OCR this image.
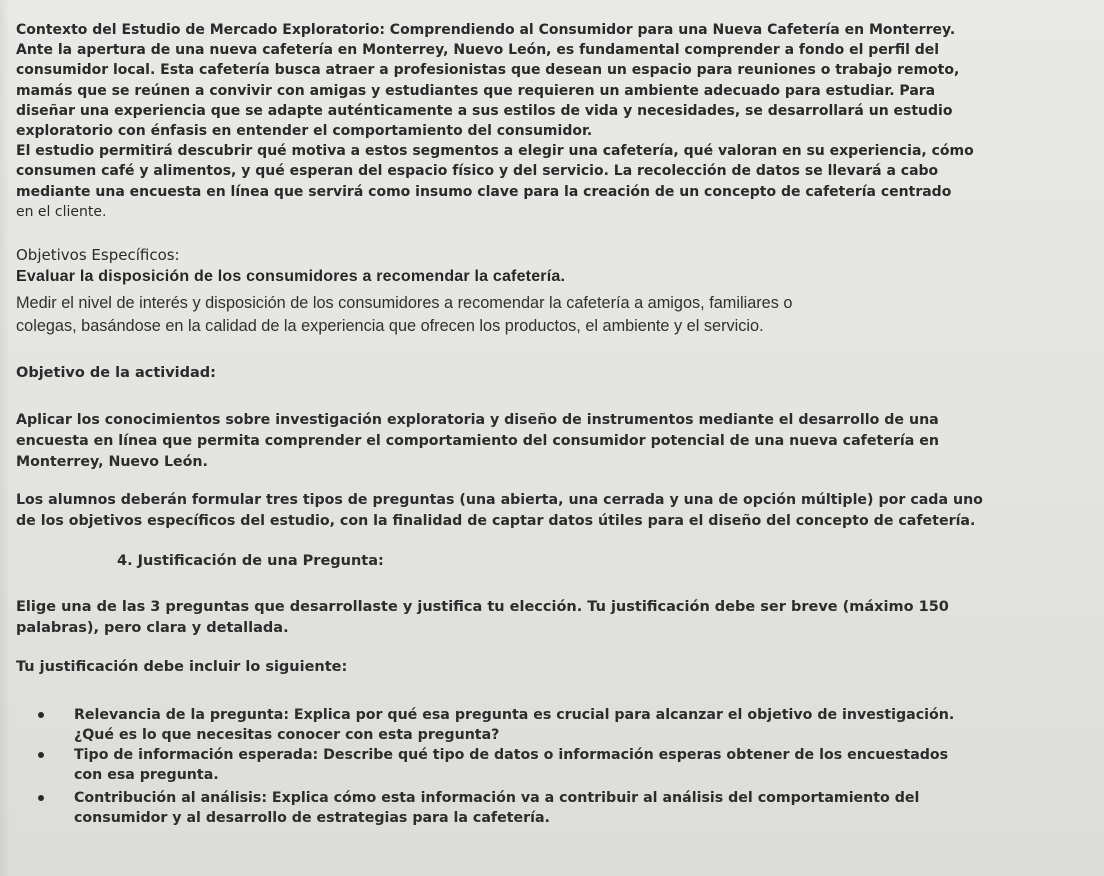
Contexto del Estudio de Mercado Exploratorio: Comprendiendo al Consumidor para una Nueva Cafetería en Monterrey.
Ante la apertura de una nueva cafetería en Monterrey, Nuevo León, es fundamental comprender a fondo el perfil del
consumidor local. Esta cafetería busca atraer a profesionistas que desean un espacio para reuniones o trabajo remoto,
mamás que se reúnen a convivir con amigas y estudiantes que requieren un ambiente adecuado para estudiar. Para
diseñar una experiencia que se adapte auténticamente a sus estilos de vida y necesidades, se desarrollará un estudio
exploratorio con énfasis en entender el comportamiento del consumidor.
El estudio permitirá descubrir qué motiva a estos segmentos a elegir una cafetería, qué valoran en su experiencia, cómo
consumen café y alimentos, y qué esperan del espacio físico y del servicio. La recolección de datos se llevará a cabo
mediante una encuesta en línea que servirá como insumo clave para la creación de un concepto de cafetería centrado
en el cliente.
Objetivos Específicos:
Evaluar la disposición de los consumidores a recomendar la cafetería.
Medir el nivel de interés y disposición de los consumidores a recomendar la cafetería a amigos, familiares o
colegas, basándose en la calidad de la experiencia que ofrecen los productos, el ambiente y el servicio.
Objetivo de la actividad:
Aplicar los conocimientos sobre investigación exploratoria y diseño de instrumentos mediante el desarrollo de una
encuesta en línea que permita comprender el comportamiento del consumidor potencial de una nueva cafetería en
Monterrey, Nuevo León.
Los alumnos deberán formular tres tipos de preguntas (una abierta, una cerrada y una de opción múltiple) por cada uno
de los objetivos específicos del estudio, con la finalidad de captar datos útiles para el diseño del concepto de cafetería.
4. Justificación de una Pregunta:
Elige una de las 3 preguntas que desarrollaste y justifica tu elección. Tu justificación debe ser breve (máximo 150
palabras), pero clara y detallada.
Tu justificación debe incluir lo siguiente:
Relevancia de la pregunta: Explica por qué esa pregunta es crucial para alcanzar el objetivo de investigación.
¿Qué es lo que necesitas conocer con esta pregunta?
Tipo de información esperada: Describe qué tipo de datos o información esperas obtener de los encuestados
con esa pregunta.
Contribución al análisis: Explica cómo esta información va a contribuir al análisis del comportamiento del
consumidor y al desarrollo de estrategias para la cafetería.
